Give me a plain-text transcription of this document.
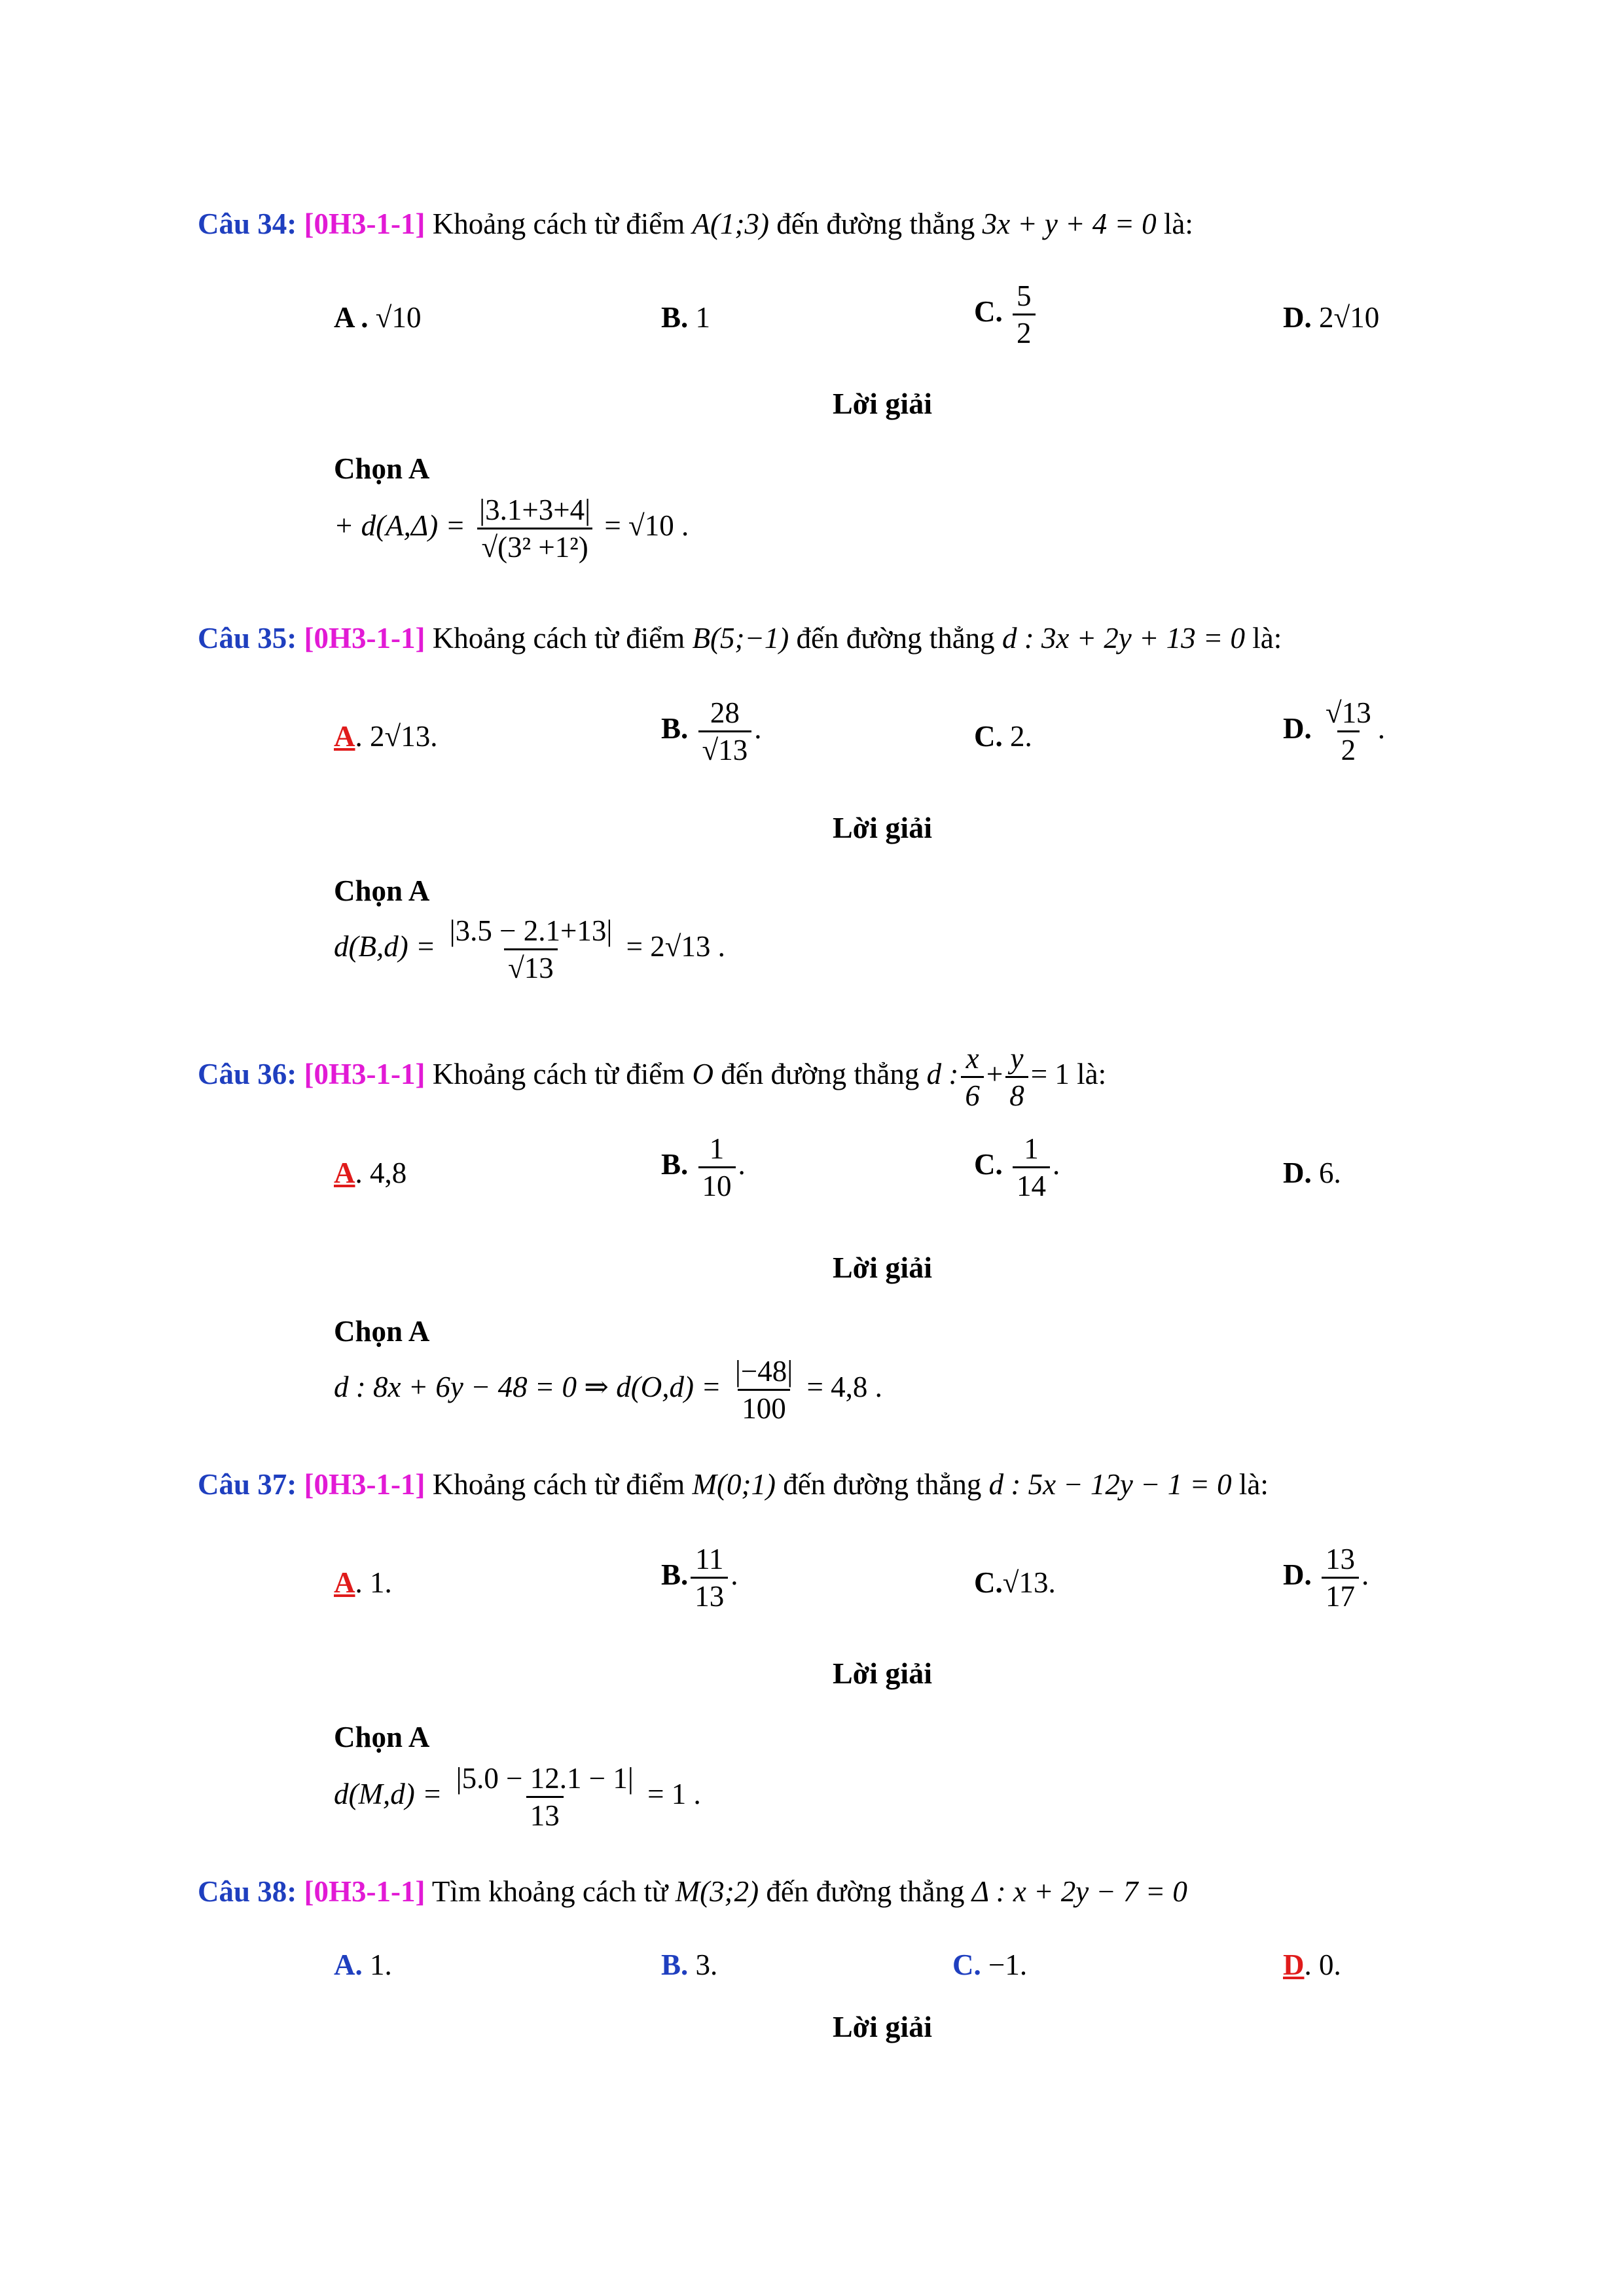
Câu 34: [0H3-1-1] Khoảng cách từ điểm A(1;3) đến đường thẳng 3x + y + 4 = 0 là:
A . √10	B. 1	C. $\frac{5}{2}$	D. 2√10
Lời giải
Chọn A
+ $d(A,\Delta) = \frac{|3.1+3+4|}{\text{√(3² +1²)}} = √10$ .
Câu 35: [0H3-1-1] Khoảng cách từ điểm B(5;−1) đến đường thẳng d : 3x + 2y + 13 = 0 là:
A. 2√13.	B. $\frac{28}{√13}$ .	C. 2.	D. $\frac{√13}{2}$ .
Lời giải
Chọn A
$d(B,d) = \frac{|3.5 - 2.1+13|}{√13} = 2√13$ .
Câu 36: [0H3-1-1] Khoảng cách từ điểm O đến đường thẳng d : $\frac{x}{6} + \frac{y}{8} = 1$ là:
A. 4,8	B. $\frac{1}{10}$ .	C. $\frac{1}{14}$ .	D. 6.
Lời giải
Chọn A
d : 8x + 6y − 48 = 0 ⇒ $d(O,d) = \frac{|-48|}{100} = 4,8$ .
Câu 37: [0H3-1-1] Khoảng cách từ điểm M(0;1) đến đường thẳng d : 5x − 12y − 1 = 0 là:
A. 1.	B. $\frac{11}{13}$ .	C.√13.	D. $\frac{13}{17}$ .
Lời giải
Chọn A
$d(M,d) = \frac{|5.0 - 12.1 - 1|}{13} = 1$ .
Câu 38: [0H3-1-1] Tìm khoảng cách từ M(3;2) đến đường thẳng Δ : x + 2y − 7 = 0
A. 1.	B. 3.	C. −1.	D. 0.
Lời giải
